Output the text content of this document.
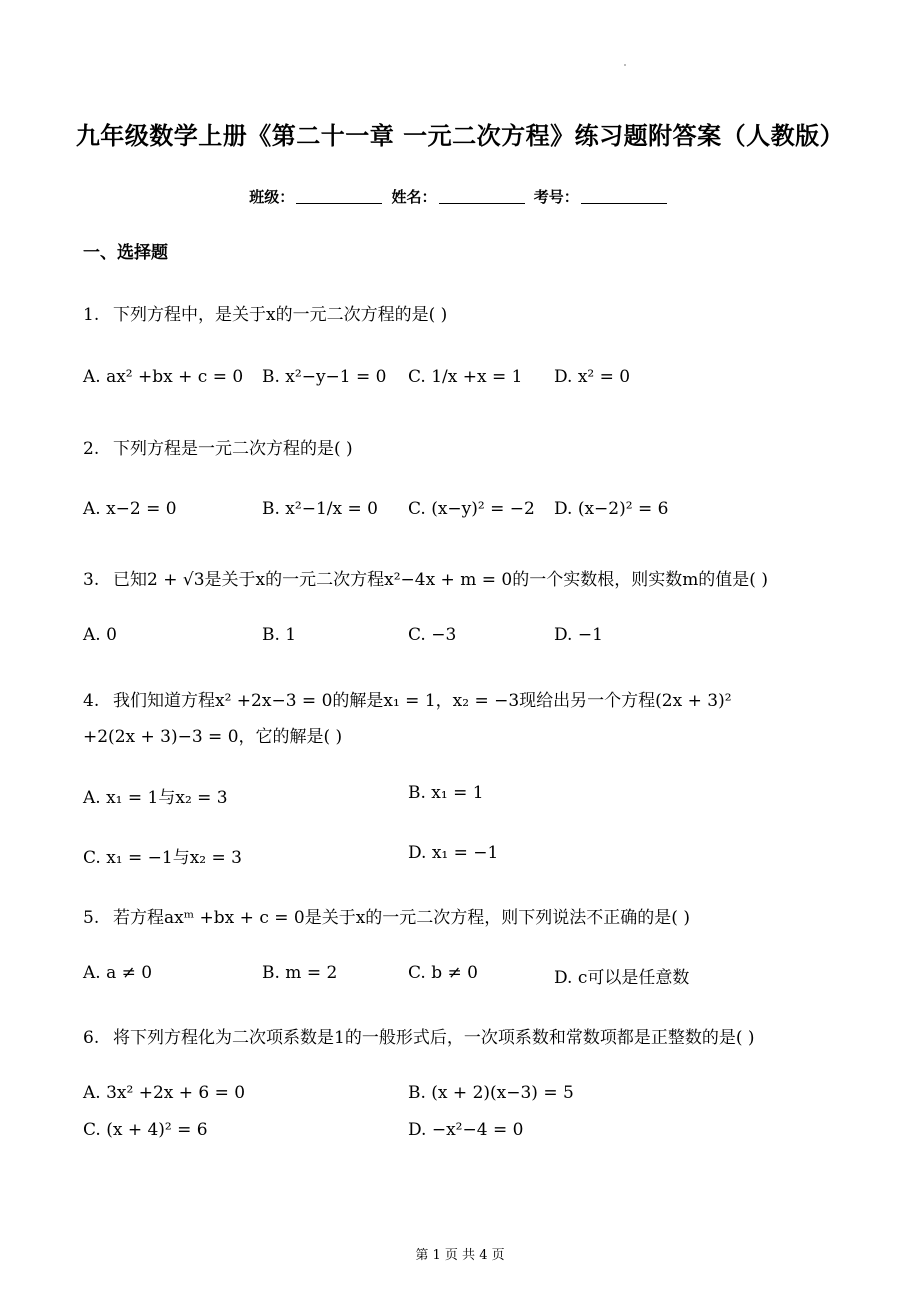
九年级数学上册《第二十一章 一元二次方程》练习题附答案（人教版）
班级：	姓名：	考号：
一、选择题
1. 下列方程中，是关于x的一元二次方程的是( )
A. ax² +bx + c = 0 B. x²−y−1 = 0 C. 1/x +x = 1 D. x² = 0
2. 下列方程是一元二次方程的是( )
A. x−2 = 0	B. x²−1/x = 0 C. (x−y)² = −2 D. (x−2)² = 6
3. 已知2 + √3是关于x的一元二次方程x²−4x + m = 0的一个实数根，则实数m的值是( )
A. 0	B. 1	C. −3	D. −1
4. 我们知道方程x² +2x−3 = 0的解是x₁ = 1，x₂ = −3现给出另一个方程(2x + 3)²
+2(2x + 3)−3 = 0，它的解是( )
A. x₁ = 1与x₂ = 3	B. x₁ = 1
C. x₁ = −1与x₂ = 3	D. x₁ = −1
5. 若方程axᵐ +bx + c = 0是关于x的一元二次方程，则下列说法不正确的是( )
A. a ≠ 0	B. m = 2	C. b ≠ 0	D. c可以是任意数
6. 将下列方程化为二次项系数是1的一般形式后，一次项系数和常数项都是正整数的是( )
A. 3x² +2x + 6 = 0	B. (x + 2)(x−3) = 5
C. (x + 4)² = 6	D. −x²−4 = 0
第 1 页 共 4 页
